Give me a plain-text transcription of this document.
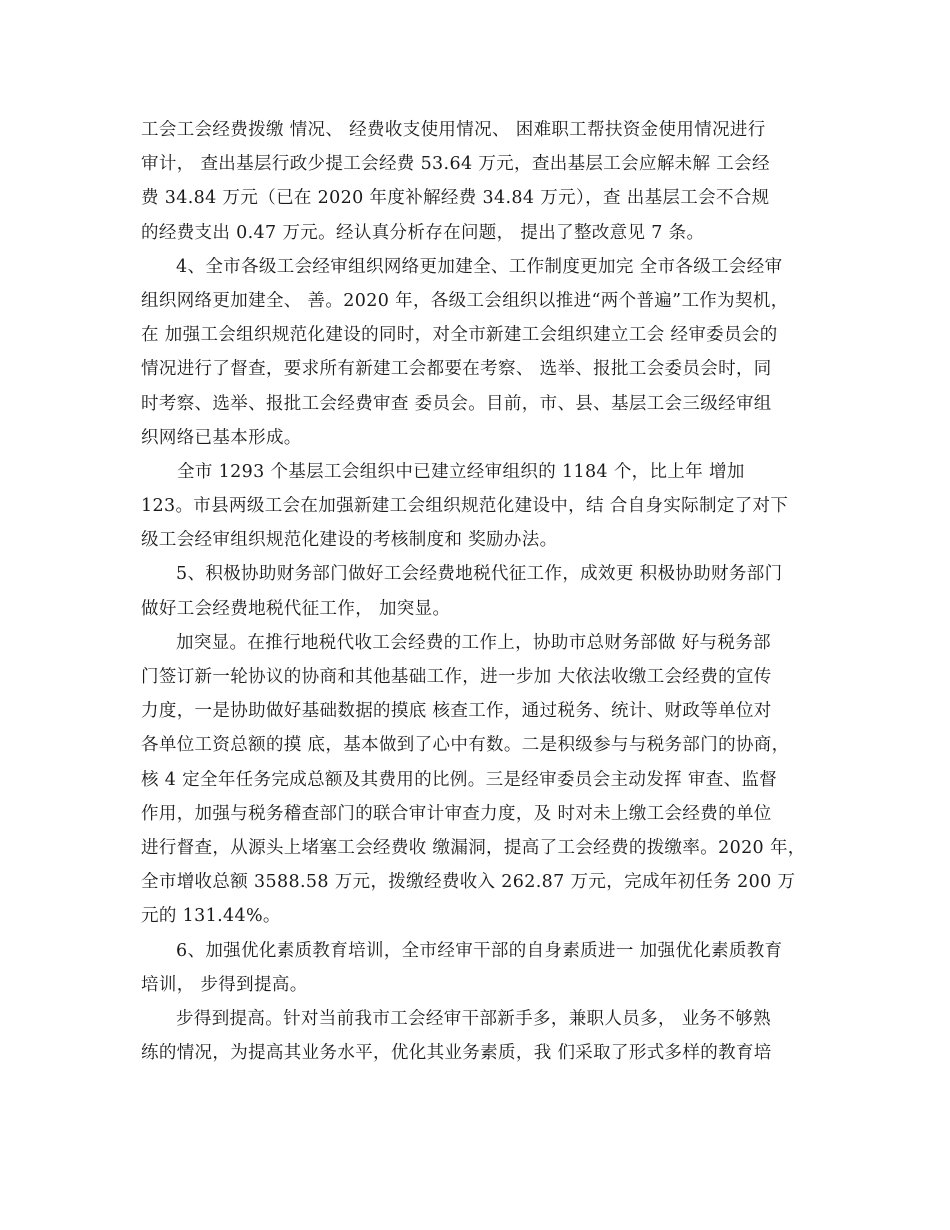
工会工会经费拨缴 情况、 经费收支使用情况、 困难职工帮扶资金使用情况进行
审计， 查出基层行政少提工会经费 53.64 万元，查出基层工会应解未解 工会经
费 34.84 万元（已在 2020 年度补解经费 34.84 万元），查 出基层工会不合规
的经费支出 0.47 万元。经认真分析存在问题， 提出了整改意见 7 条。
4、全市各级工会经审组织网络更加建全、工作制度更加完 全市各级工会经审
组织网络更加建全、 善。2020 年，各级工会组织以推进“两个普遍”工作为契机，
在 加强工会组织规范化建设的同时，对全市新建工会组织建立工会 经审委员会的
情况进行了督查，要求所有新建工会都要在考察、 选举、报批工会委员会时，同
时考察、选举、报批工会经费审查 委员会。目前，市、县、基层工会三级经审组
织网络已基本形成。
全市 1293 个基层工会组织中已建立经审组织的 1184 个，比上年 增加
123。市县两级工会在加强新建工会组织规范化建设中，结 合自身实际制定了对下
级工会经审组织规范化建设的考核制度和 奖励办法。
5、积极协助财务部门做好工会经费地税代征工作，成效更 积极协助财务部门
做好工会经费地税代征工作， 加突显。
加突显。在推行地税代收工会经费的工作上，协助市总财务部做 好与税务部
门签订新一轮协议的协商和其他基础工作，进一步加 大依法收缴工会经费的宣传
力度，一是协助做好基础数据的摸底 核查工作，通过税务、统计、财政等单位对
各单位工资总额的摸 底，基本做到了心中有数。二是积级参与与税务部门的协商，
核 4 定全年任务完成总额及其费用的比例。三是经审委员会主动发挥 审查、监督
作用，加强与税务稽查部门的联合审计审查力度，及 时对未上缴工会经费的单位
进行督查，从源头上堵塞工会经费收 缴漏洞，提高了工会经费的拨缴率。2020 年，
全市增收总额 3588.58 万元，拨缴经费收入 262.87 万元，完成年初任务 200 万
元的 131.44%。
6、加强优化素质教育培训，全市经审干部的自身素质进一 加强优化素质教育
培训， 步得到提高。
步得到提高。针对当前我市工会经审干部新手多，兼职人员多， 业务不够熟
练的情况，为提高其业务水平，优化其业务素质，我 们采取了形式多样的教育培
